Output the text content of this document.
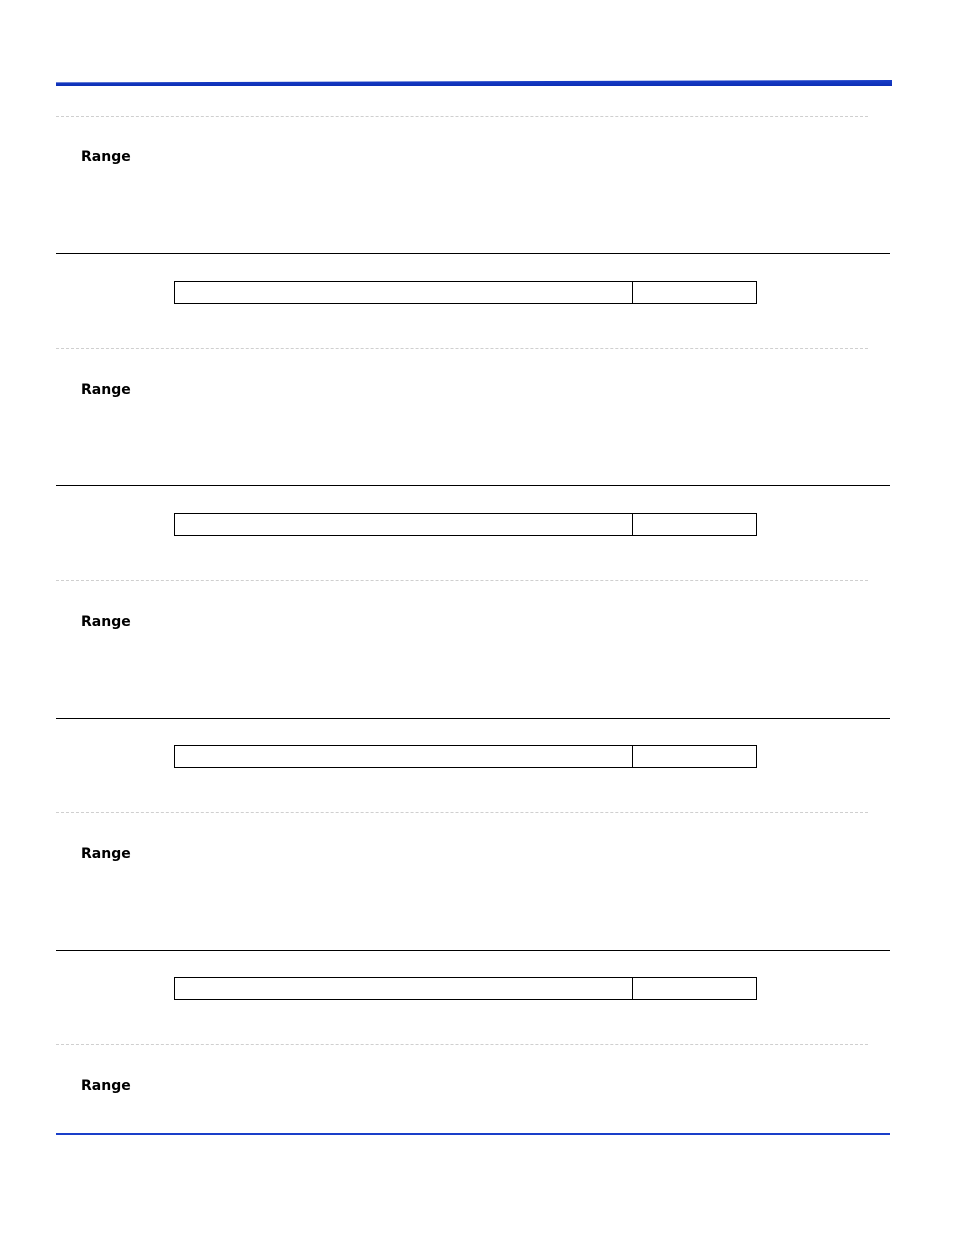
Range
Range
Range
Range
Range
